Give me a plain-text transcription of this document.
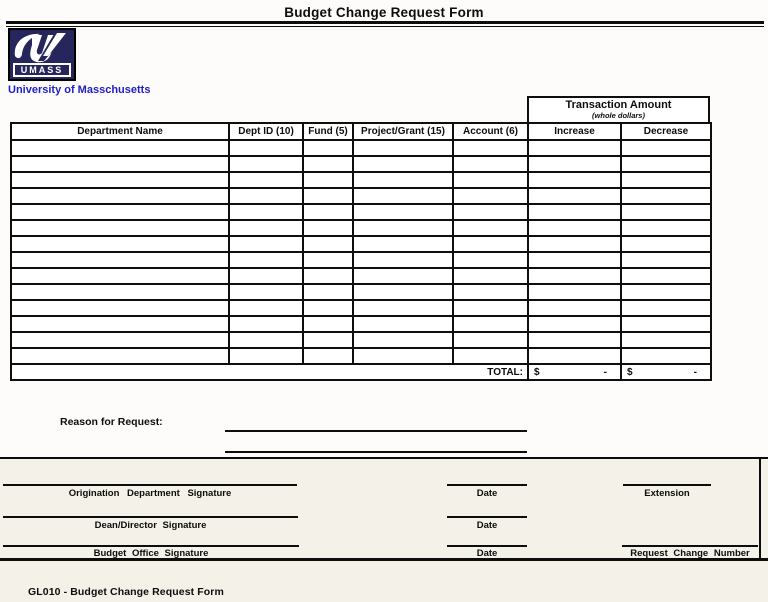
Budget Change Request Form
UMASS
University of Masschusetts
Transaction Amount
(whole dollars)
Department Name	Dept ID (10)	Fund (5)	Project/Grant (15)	Account (6)	Increase	Decrease

TOTAL:					$ -	$ -
Reason for Request:
Origination Department Signature	Date	Extension
Dean/Director Signature	Date
Budget Office Signature	Date	Request Change Number
GL010 - Budget Change Request Form
